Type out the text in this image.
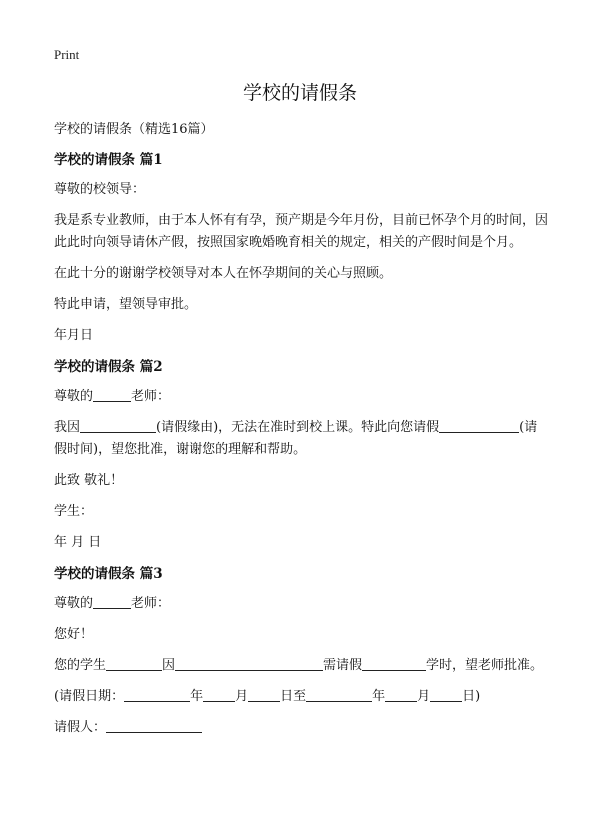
Print
学校的请假条

学校的请假条（精选16篇）

学校的请假条 篇1

尊敬的校领导：

我是系专业教师，由于本人怀有有孕，预产期是今年月份，目前已怀孕个月的时间，因此此时向领导请休产假，按照国家晚婚晚育相关的规定，相关的产假时间是个月。

在此十分的谢谢学校领导对本人在怀孕期间的关心与照顾。

特此申请，望领导审批。

年月日

学校的请假条 篇2

尊敬的	老师：

我因	(请假缘由)，无法在准时到校上课。特此向您请假	(请假时间)，望您批准，谢谢您的理解和帮助。

此致 敬礼！

学生：

年 月 日

学校的请假条 篇3

尊敬的	老师：

您好！

您的学生	因	需请假	学时，望老师批准。

(请假日期：	年 月 日至	年 月 日)

请假人：
